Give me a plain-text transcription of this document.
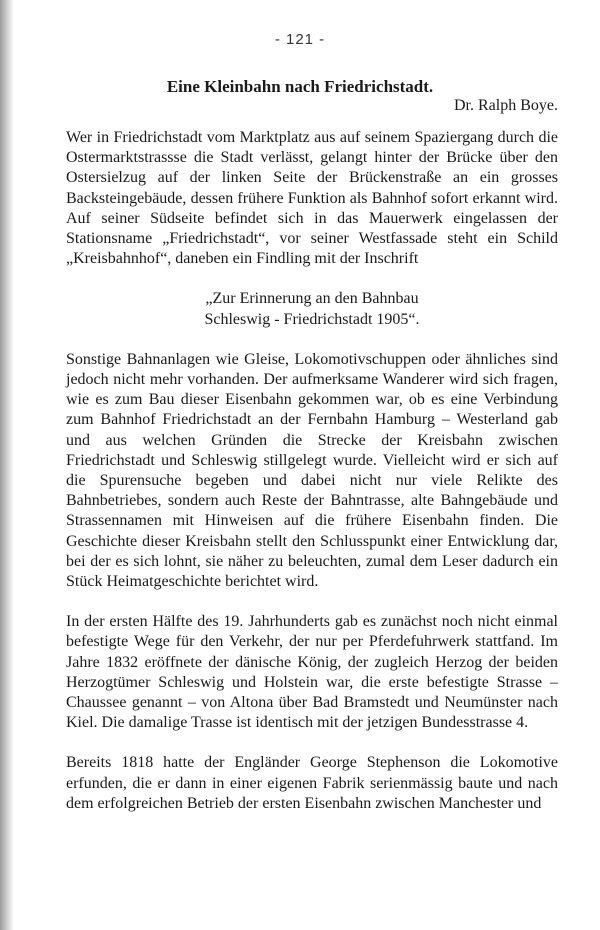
- 121 -
Eine Kleinbahn nach Friedrichstadt.
Dr. Ralph Boye.

Wer in Friedrichstadt vom Marktplatz aus auf seinem Spaziergang durch die Ostermarktstrassse die Stadt verlässt, gelangt hinter der Brücke über den Ostersielzug auf der linken Seite der Brückenstraße an ein grosses Backsteingebäude, dessen frühere Funktion als Bahnhof sofort erkannt wird. Auf seiner Südseite befindet sich in das Mauerwerk eingelassen der Stationsname „Friedrichstadt“, vor seiner Westfassade steht ein Schild „Kreisbahnhof“, daneben ein Findling mit der Inschrift

„Zur Erinnerung an den Bahnbau
Schleswig - Friedrichstadt 1905“.

Sonstige Bahnanlagen wie Gleise, Lokomotivschuppen oder ähnliches sind jedoch nicht mehr vorhanden. Der aufmerksame Wanderer wird sich fragen, wie es zum Bau dieser Eisenbahn gekommen war, ob es eine Verbindung zum Bahnhof Friedrichstadt an der Fernbahn Hamburg – Westerland gab und aus welchen Gründen die Strecke der Kreisbahn zwischen Friedrichstadt und Schleswig stillgelegt wurde. Vielleicht wird er sich auf die Spurensuche begeben und dabei nicht nur viele Relikte des Bahnbetriebes, sondern auch Reste der Bahntrasse, alte Bahngebäude und Strassennamen mit Hinweisen auf die frühere Eisenbahn finden. Die Geschichte dieser Kreisbahn stellt den Schlusspunkt einer Entwicklung dar, bei der es sich lohnt, sie näher zu beleuchten, zumal dem Leser dadurch ein Stück Heimatgeschichte berichtet wird.

In der ersten Hälfte des 19. Jahrhunderts gab es zunächst noch nicht einmal befestigte Wege für den Verkehr, der nur per Pferdefuhrwerk stattfand. Im Jahre 1832 eröffnete der dänische König, der zugleich Herzog der beiden Herzogtümer Schleswig und Holstein war, die erste befestigte Strasse – Chaussee genannt – von Altona über Bad Bramstedt und Neumünster nach Kiel. Die damalige Trasse ist identisch mit der jetzigen Bundesstrasse 4.

Bereits 1818 hatte der Engländer George Stephenson die Lokomotive erfunden, die er dann in einer eigenen Fabrik serienmässig baute und nach dem erfolgreichen Betrieb der ersten Eisenbahn zwischen Manchester und
